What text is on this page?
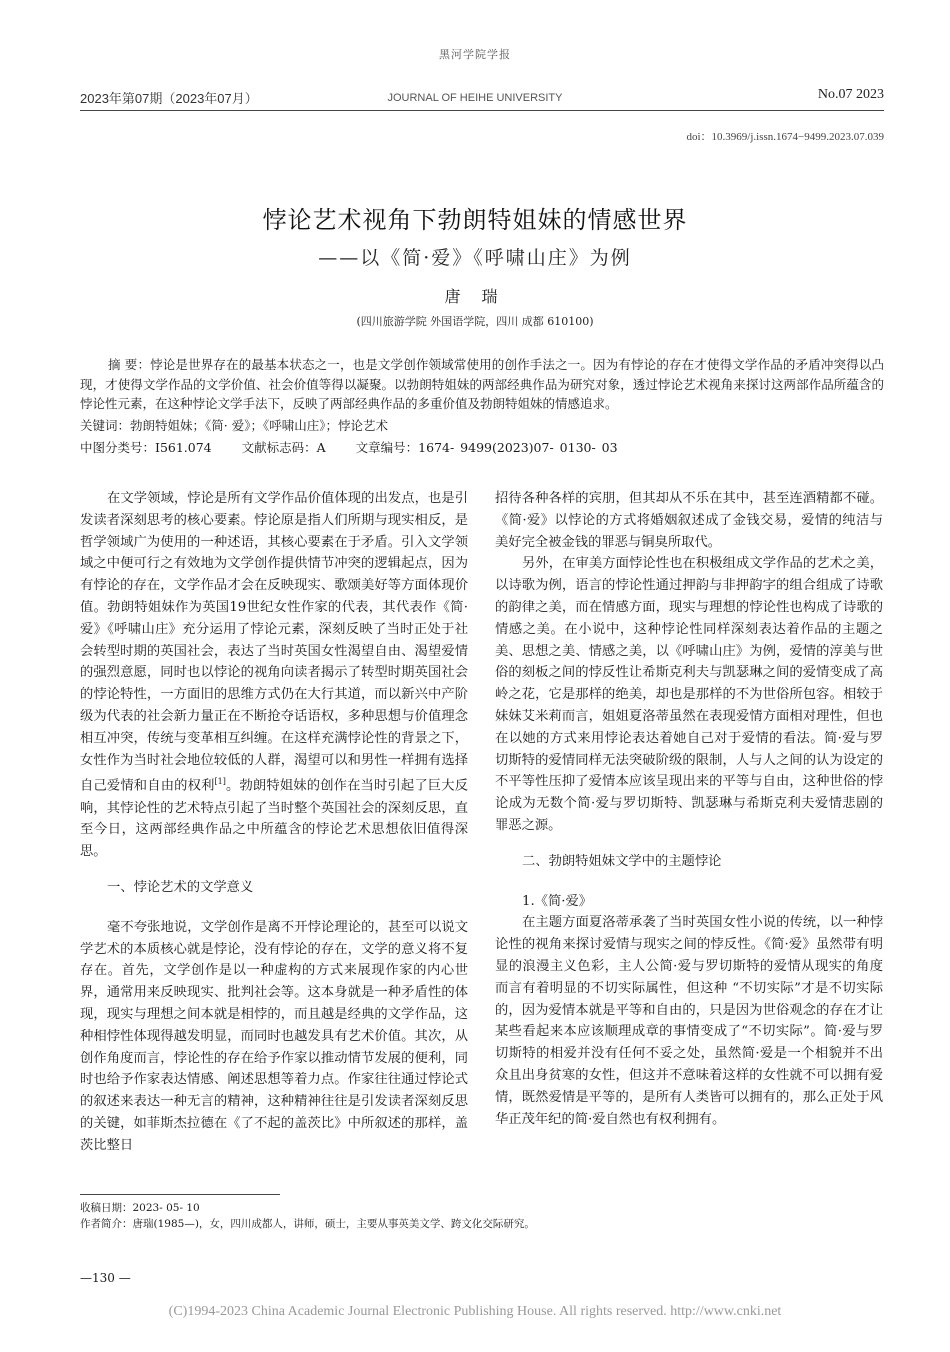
黑河学院学报
JOURNAL OF HEIHE UNIVERSITY
2023年第07期（2023年07月）	No.07 2023
doi：10.3969/j.issn.1674−9499.2023.07.039
悖论艺术视角下勃朗特姐妹的情感世界
——以《简·爱》《呼啸山庄》为例
唐 瑞
(四川旅游学院 外国语学院，四川 成都 610100)
摘 要：悖论是世界存在的最基本状态之一，也是文学创作领域常使用的创作手法之一。因为有悖论的存在才使得文学作品的矛盾冲突得以凸现，才使得文学作品的文学价值、社会价值等得以凝聚。以勃朗特姐妹的两部经典作品为研究对象，透过悖论艺术视角来探讨这两部作品所蕴含的悖论性元素，在这种悖论文学手法下，反映了两部经典作品的多重价值及勃朗特姐妹的情感追求。
关键词：勃朗特姐妹；《简· 爱》；《呼啸山庄》；悖论艺术
中图分类号：I561.074 文献标志码：A 文章编号：1674- 9499(2023)07- 0130- 03

在文学领域，悖论是所有文学作品价值体现的出发点，也是引发读者深刻思考的核心要素。悖论原是指人们所期与现实相反，是哲学领域广为使用的一种述语，其核心要素在于矛盾。引入文学领域之中便可行之有效地为文学创作提供情节冲突的逻辑起点，因为有悖论的存在，文学作品才会在反映现实、歌颂美好等方面体现价值。勃朗特姐妹作为英国19世纪女性作家的代表，其代表作《简·爱》《呼啸山庄》充分运用了悖论元素，深刻反映了当时正处于社会转型时期的英国社会，表达了当时英国女性渴望自由、渴望爱情的强烈意愿，同时也以悖论的视角向读者揭示了转型时期英国社会的悖论特性，一方面旧的思维方式仍在大行其道，而以新兴中产阶级为代表的社会新力量正在不断抢夺话语权，多种思想与价值理念相互冲突，传统与变革相互纠缠。在这样充满悖论性的背景之下，女性作为当时社会地位较低的人群，渴望可以和男性一样拥有选择自己爱情和自由的权利[1]。勃朗特姐妹的创作在当时引起了巨大反响，其悖论性的艺术特点引起了当时整个英国社会的深刻反思，直至今日，这两部经典作品之中所蕴含的悖论艺术思想依旧值得深思。

一、悖论艺术的文学意义

毫不夸张地说，文学创作是离不开悖论理论的，甚至可以说文学艺术的本质核心就是悖论，没有悖论的存在，文学的意义将不复存在。首先，文学创作是以一种虚构的方式来展现作家的内心世界，通常用来反映现实、批判社会等。这本身就是一种矛盾性的体现，现实与理想之间本就是相悖的，而且越是经典的文学作品，这种相悖性体现得越发明显，而同时也越发具有艺术价值。其次，从创作角度而言，悖论性的存在给予作家以推动情节发展的便利，同时也给予作家表达情感、阐述思想等着力点。作家往往通过悖论式的叙述来表达一种无言的精神，这种精神往往是引发读者深刻反思的关键，如菲斯杰拉德在《了不起的盖茨比》中所叙述的那样，盖茨比整日

招待各种各样的宾朋，但其却从不乐在其中，甚至连酒精都不碰。《简·爱》以悖论的方式将婚姻叙述成了金钱交易，爱情的纯洁与美好完全被金钱的罪恶与铜臭所取代。

另外，在审美方面悖论性也在积极组成文学作品的艺术之美，以诗歌为例，语言的悖论性通过押韵与非押韵字的组合组成了诗歌的韵律之美，而在情感方面，现实与理想的悖论性也构成了诗歌的情感之美。在小说中，这种悖论性同样深刻表达着作品的主题之美、思想之美、情感之美，以《呼啸山庄》为例，爱情的淳美与世俗的刻板之间的悖反性让希斯克利夫与凯瑟琳之间的爱情变成了高岭之花，它是那样的绝美，却也是那样的不为世俗所包容。相较于妹妹艾米莉而言，姐姐夏洛蒂虽然在表现爱情方面相对理性，但也在以她的方式来用悖论表达着她自己对于爱情的看法。简·爱与罗切斯特的爱情同样无法突破阶级的限制，人与人之间的认为设定的不平等性压抑了爱情本应该呈现出来的平等与自由，这种世俗的悖论成为无数个简·爱与罗切斯特、凯瑟琳与希斯克利夫爱情悲剧的罪恶之源。

二、勃朗特姐妹文学中的主题悖论
1.《简·爱》

在主题方面夏洛蒂承袭了当时英国女性小说的传统，以一种悖论性的视角来探讨爱情与现实之间的悖反性。《简·爱》虽然带有明显的浪漫主义色彩，主人公简·爱与罗切斯特的爱情从现实的角度而言有着明显的不切实际属性，但这种 “不切实际”才是不切实际的，因为爱情本就是平等和自由的，只是因为世俗观念的存在才让某些看起来本应该顺理成章的事情变成了“不切实际”。简·爱与罗切斯特的相爱并没有任何不妥之处，虽然简·爱是一个相貌并不出众且出身贫寒的女性，但这并不意味着这样的女性就不可以拥有爱情，既然爱情是平等的，是所有人类皆可以拥有的，那么正处于风华正茂年纪的简·爱自然也有权利拥有。

收稿日期：2023- 05- 10
作者简介：唐瑞(1985—)，女，四川成都人，讲师，硕士，主要从事英美文学、跨文化交际研究。
—130 —
(C)1994-2023 China Academic Journal Electronic Publishing House. All rights reserved. http://www.cnki.net
